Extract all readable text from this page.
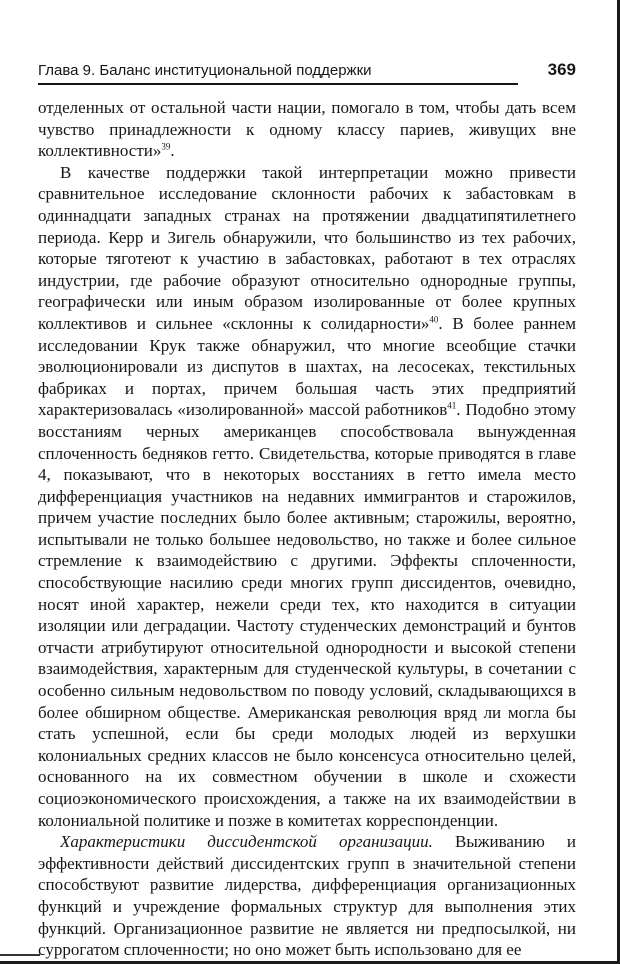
Глава 9. Баланс институциональной поддержки	369

отделенных от остальной части нации, помогало в том, чтобы дать всем чувство принадлежности к одному классу париев, живущих вне коллективности»$^{39}$.

В качестве поддержки такой интерпретации можно привести сравнительное исследование склонности рабочих к забастовкам в одиннадцати западных странах на протяжении двадцатипятилетнего периода. Керр и Зигель обнаружили, что большинство из тех рабочих, которые тяготеют к участию в забастовках, работают в тех отраслях индустрии, где рабочие образуют относительно однородные группы, географически или иным образом изолированные от более крупных коллективов и сильнее «склонны к солидарности»$^{40}$. В более раннем исследовании Крук также обнаружил, что многие всеобщие стачки эволюционировали из диспутов в шахтах, на лесосеках, текстильных фабриках и портах, причем большая часть этих предприятий характеризовалась «изолированной» массой работников$^{41}$. Подобно этому восстаниям черных американцев способствовала вынужденная сплоченность бедняков гетто. Свидетельства, которые приводятся в главе 4, показывают, что в некоторых восстаниях в гетто имела место дифференциация участников на недавних иммигрантов и старожилов, причем участие последних было более активным; старожилы, вероятно, испытывали не только большее недовольство, но также и более сильное стремление к взаимодействию с другими. Эффекты сплоченности, способствующие насилию среди многих групп диссидентов, очевидно, носят иной характер, нежели среди тех, кто находится в ситуации изоляции или деградации. Частоту студенческих демонстраций и бунтов отчасти атрибутируют относительной однородности и высокой степени взаимодействия, характерным для студенческой культуры, в сочетании с особенно сильным недовольством по поводу условий, складывающихся в более обширном обществе. Американская революция вряд ли могла бы стать успешной, если бы среди молодых людей из верхушки колониальных средних классов не было консенсуса относительно целей, основанного на их совместном обучении в школе и схожести социоэкономического происхождения, а также на их взаимодействии в колониальной политике и позже в комитетах корреспонденции.

Характеристики диссидентской организации. Выживанию и эффективности действий диссидентских групп в значительной степени способствуют развитие лидерства, дифференциация организационных функций и учреждение формальных структур для выполнения этих функций. Организационное развитие не является ни предпосылкой, ни суррогатом сплоченности; но оно может быть использовано для ее
